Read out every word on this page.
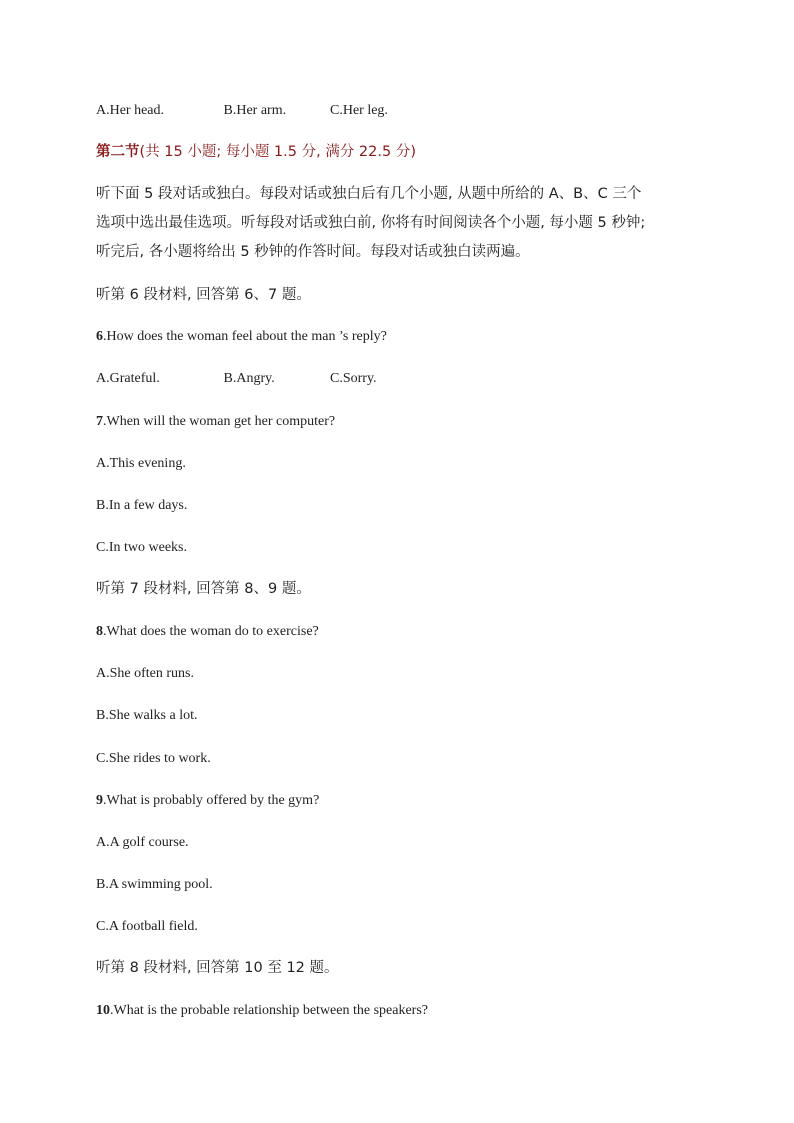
A.Her head.	B.Her arm.	C.Her leg.
第二节(共 15 小题; 每小题 1.5 分, 满分 22.5 分)
听下面 5 段对话或独白。每段对话或独白后有几个小题, 从题中所给的 A、B、C 三个
选项中选出最佳选项。听每段对话或独白前, 你将有时间阅读各个小题, 每小题 5 秒钟;
听完后, 各小题将给出 5 秒钟的作答时间。每段对话或独白读两遍。
听第 6 段材料, 回答第 6、7 题。
6.How does the woman feel about the man ’s reply?
A.Grateful.	B.Angry.	C.Sorry.
7.When will the woman get her computer?
A.This evening.
B.In a few days.
C.In two weeks.
听第 7 段材料, 回答第 8、9 题。
8.What does the woman do to exercise?
A.She often runs.
B.She walks a lot.
C.She rides to work.
9.What is probably offered by the gym?
A.A golf course.
B.A swimming pool.
C.A football field.
听第 8 段材料, 回答第 10 至 12 题。
10.What is the probable relationship between the speakers?
